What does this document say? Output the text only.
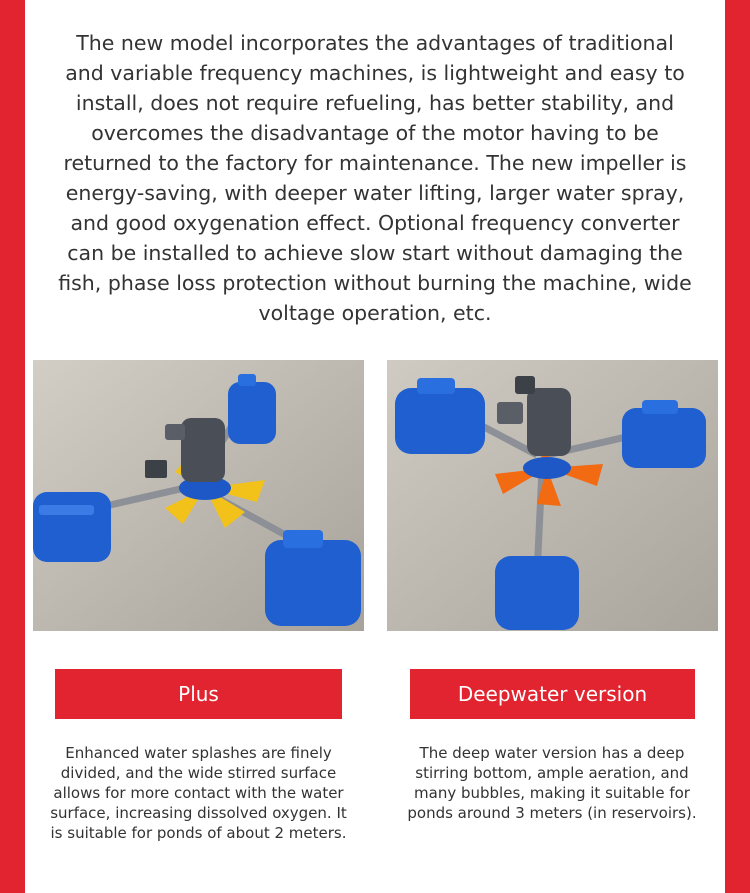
The new model incorporates the advantages of traditional and variable frequency machines, is lightweight and easy to install, does not require refueling, has better stability, and overcomes the disadvantage of the motor having to be returned to the factory for maintenance. The new impeller is energy-saving, with deeper water lifting, larger water spray, and good oxygenation effect. Optional frequency converter can be installed to achieve slow start without damaging the fish, phase loss protection without burning the machine, wide voltage operation, etc.

Plus	Deepwater version

Enhanced water splashes are finely divided, and the wide stirred surface allows for more contact with the water surface, increasing dissolved oxygen. It is suitable for ponds of about 2 meters.

The deep water version has a deep stirring bottom, ample aeration, and many bubbles, making it suitable for ponds around 3 meters (in reservoirs).
